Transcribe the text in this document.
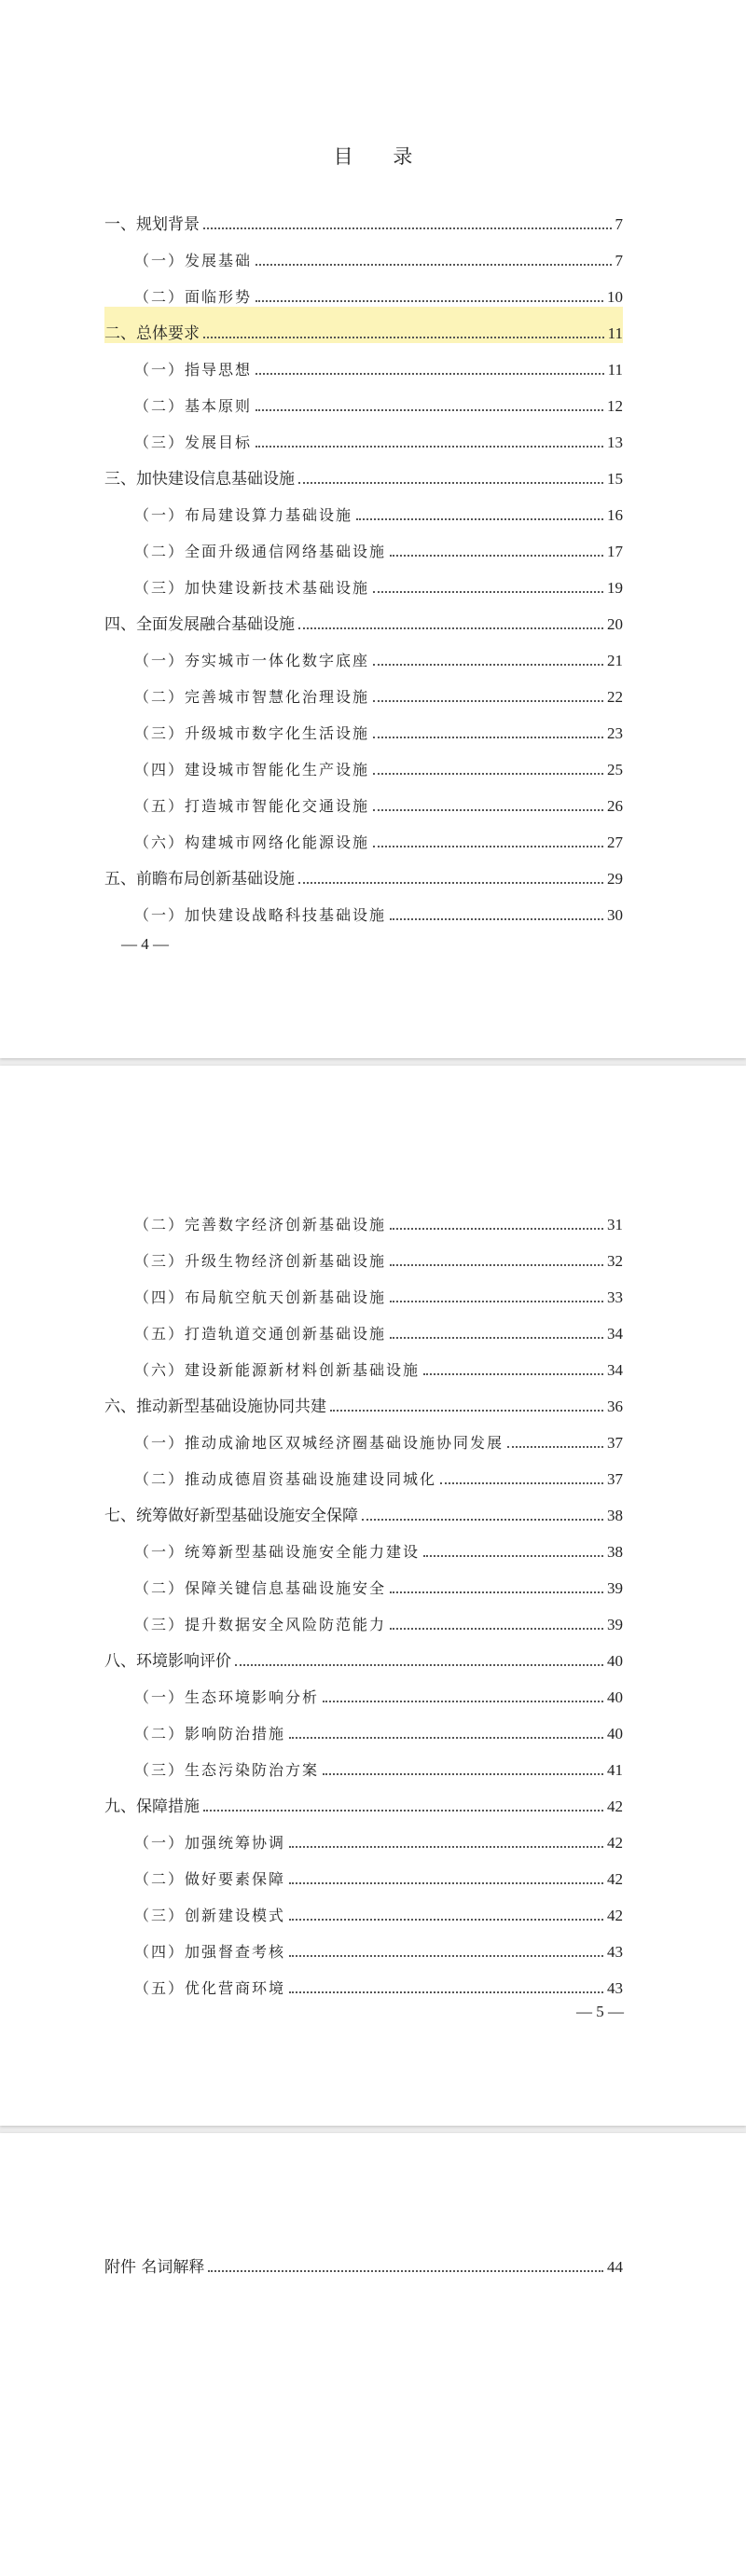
目 录
一、规划背景	7
（一）发展基础	7
（二）面临形势	10
二、总体要求	11
（一）指导思想	11
（二）基本原则	12
（三）发展目标	13
三、加快建设信息基础设施	15
（一）布局建设算力基础设施	16
（二）全面升级通信网络基础设施	17
（三）加快建设新技术基础设施	19
四、全面发展融合基础设施	20
（一）夯实城市一体化数字底座	21
（二）完善城市智慧化治理设施	22
（三）升级城市数字化生活设施	23
（四）建设城市智能化生产设施	25
（五）打造城市智能化交通设施	26
（六）构建城市网络化能源设施	27
五、前瞻布局创新基础设施	29
（一）加快建设战略科技基础设施	30
— 4 —
（二）完善数字经济创新基础设施	31
（三）升级生物经济创新基础设施	32
（四）布局航空航天创新基础设施	33
（五）打造轨道交通创新基础设施	34
（六）建设新能源新材料创新基础设施	34
六、推动新型基础设施协同共建	36
（一）推动成渝地区双城经济圈基础设施协同发展	37
（二）推动成德眉资基础设施建设同城化	37
七、统筹做好新型基础设施安全保障	38
（一）统筹新型基础设施安全能力建设	38
（二）保障关键信息基础设施安全	39
（三）提升数据安全风险防范能力	39
八、环境影响评价	40
（一）生态环境影响分析	40
（二）影响防治措施	40
（三）生态污染防治方案	41
九、保障措施	42
（一）加强统筹协调	42
（二）做好要素保障	42
（三）创新建设模式	42
（四）加强督查考核	43
（五）优化营商环境	43
— 5 —
附件 名词解释	44
